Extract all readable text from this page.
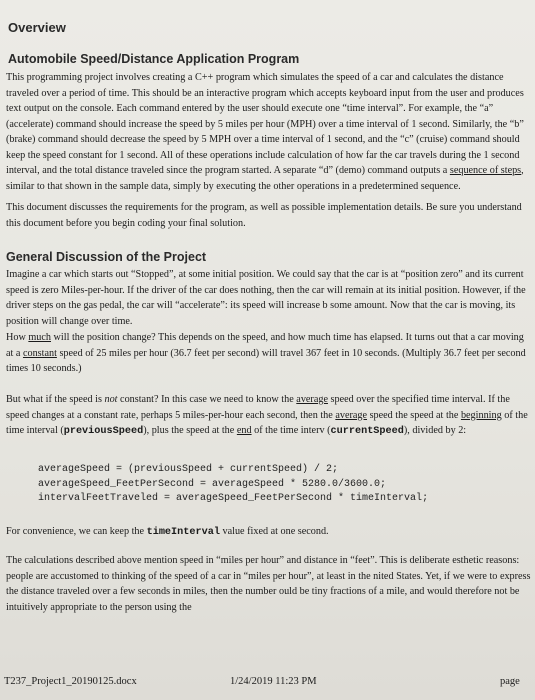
Overview
Automobile Speed/Distance Application Program

This programming project involves creating a C++ program which simulates the speed of a car and calculates the distance traveled over a period of time. This should be an interactive program which accepts keyboard input from the user and produces text output on the console. Each command entered by the user should execute one “time interval”. For example, the “a” (accelerate) command should increase the speed by 5 miles per hour (MPH) over a time interval of 1 second. Similarly, the “b” (brake) command should decrease the speed by 5 MPH over a time interval of 1 second, and the “c” (cruise) command should keep the speed constant for 1 second. All of these operations include calculation of how far the car travels during the 1 second interval, and the total distance traveled since the program started. A separate “d” (demo) command outputs a sequence of steps, similar to that shown in the sample data, simply by executing the other operations in a predetermined sequence.

This document discusses the requirements for the program, as well as possible implementation details. Be sure you understand this document before you begin coding your final solution.

General Discussion of the Project

Imagine a car which starts out “Stopped”, at some initial position. We could say that the car is at “position zero” and its current speed is zero Miles-per-hour. If the driver of the car does nothing, then the car will remain at its initial position. However, if the driver steps on the gas pedal, the car will “accelerate”: its speed will increase b some amount. Now that the car is moving, its position will change over time.

How much will the position change? This depends on the speed, and how much time has elapsed. It turns out that a car moving at a constant speed of 25 miles per hour (36.7 feet per second) will travel 367 feet in 10 seconds. (Multiply 36.7 feet per second times 10 seconds.)

But what if the speed is not constant? In this case we need to know the average speed over the specified time interval. If the speed changes at a constant rate, perhaps 5 miles-per-hour each second, then the average speed the speed at the beginning of the time interval (previousSpeed), plus the speed at the end of the time interv (currentSpeed), divided by 2:

averageSpeed = (previousSpeed + currentSpeed) / 2;
averageSpeed_FeetPerSecond = averageSpeed * 5280.0/3600.0;
intervalFeetTraveled = averageSpeed_FeetPerSecond * timeInterval;

For convenience, we can keep the timeInterval value fixed at one second.

The calculations described above mention speed in “miles per hour” and distance in “feet”. This is deliberate esthetic reasons: people are accustomed to thinking of the speed of a car in “miles per hour”, at least in the nited States. Yet, if we were to express the distance traveled over a few seconds in miles, then the number ould be tiny fractions of a mile, and would therefore not be intuitively appropriate to the person using the

T237_Project1_20190125.docx	1/24/2019 11:23 PM	page
